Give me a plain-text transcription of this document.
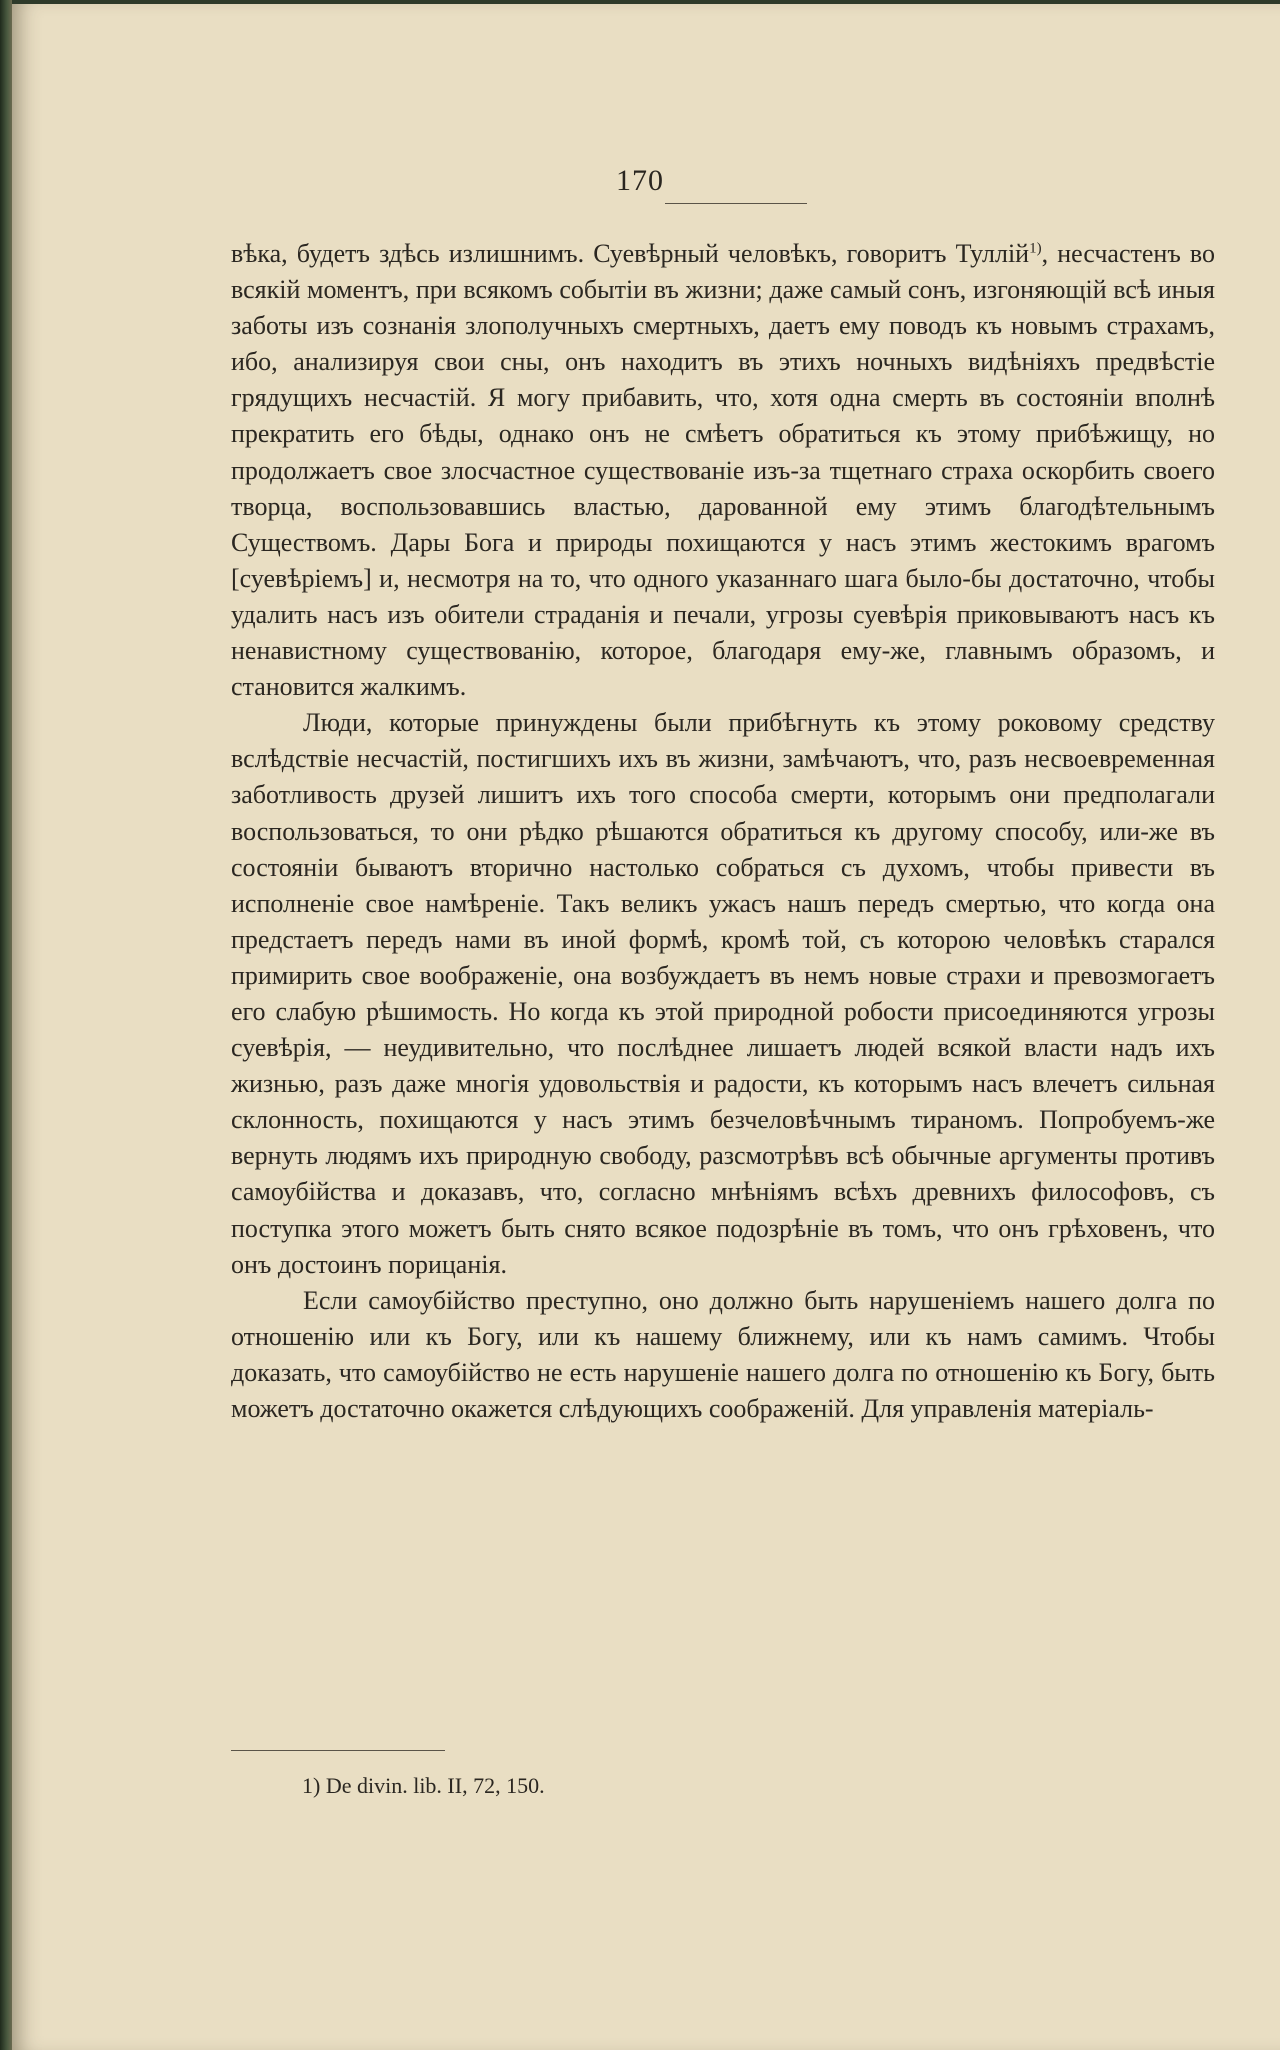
170

вѣка, будетъ здѣсь излишнимъ. Суевѣрный человѣкъ, говоритъ Туллій$^{1)}$, несчастенъ во всякій моментъ, при всякомъ событіи въ жизни; даже самый сонъ, изгоняющій всѣ иныя заботы изъ сознанія злополучныхъ смертныхъ, даетъ ему поводъ къ новымъ страхамъ, ибо, анализируя свои сны, онъ находитъ въ этихъ ночныхъ видѣніяхъ предвѣстіе грядущихъ несчастій. Я могу прибавить, что, хотя одна смерть въ состояніи вполнѣ прекратить его бѣды, однако онъ не смѣетъ обратиться къ этому прибѣжищу, но продолжаетъ свое злосчастное существованіе изъ-за тщетнаго страха оскорбить своего творца, воспользовавшись властью, дарованной ему этимъ благодѣтельнымъ Существомъ. Дары Бога и природы похищаются у насъ этимъ жестокимъ врагомъ [суевѣріемъ] и, несмотря на то, что одного указаннаго шага было-бы достаточно, чтобы удалить насъ изъ обители страданія и печали, угрозы суевѣрія приковываютъ насъ къ ненавистному существованію, которое, благодаря ему-же, главнымъ образомъ, и становится жалкимъ.

Люди, которые принуждены были прибѣгнуть къ этому роковому средству вслѣдствіе несчастій, постигшихъ ихъ въ жизни, замѣчаютъ, что, разъ несвоевременная заботливость друзей лишитъ ихъ того способа смерти, которымъ они предполагали воспользоваться, то они рѣдко рѣшаются обратиться къ другому способу, или-же въ состояніи бываютъ вторично настолько собраться съ духомъ, чтобы привести въ исполненіе свое намѣреніе. Такъ великъ ужасъ нашъ передъ смертью, что когда она предстаетъ передъ нами въ иной формѣ, кромѣ той, съ которою человѣкъ старался примирить свое воображеніе, она возбуждаетъ въ немъ новые страхи и превозмогаетъ его слабую рѣшимость. Но когда къ этой природной робости присоединяются угрозы суевѣрія, — неудивительно, что послѣднее лишаетъ людей всякой власти надъ ихъ жизнью, разъ даже многія удовольствія и радости, къ которымъ насъ влечетъ сильная склонность, похищаются у насъ этимъ безчеловѣчнымъ тираномъ. Попробуемъ-же вернуть людямъ ихъ природную свободу, разсмотрѣвъ всѣ обычные аргументы противъ самоубійства и доказавъ, что, согласно мнѣніямъ всѣхъ древнихъ философовъ, съ поступка этого можетъ быть снято всякое подозрѣніе въ томъ, что онъ грѣховенъ, что онъ достоинъ порицанія.

Если самоубійство преступно, оно должно быть нарушеніемъ нашего долга по отношенію или къ Богу, или къ нашему ближнему, или къ намъ самимъ. Чтобы доказать, что самоубійство не есть нарушеніе нашего долга по отношенію къ Богу, быть можетъ достаточно окажется слѣдующихъ соображеній. Для управленія матеріаль-

1) De divin. lib. II, 72, 150.
